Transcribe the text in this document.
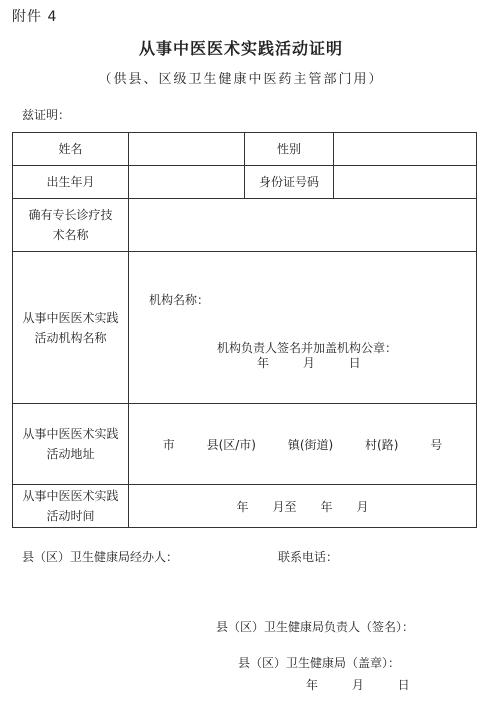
附件 4
从事中医医术实践活动证明
（供县、区级卫生健康中医药主管部门用）
兹证明：
姓名		性别	
出生年月		身份证号码	
确有专长诊疗技术名称			
从事中医医术实践活动机构名称	机构名称：
机构负责人签名并加盖机构公章：
年 月 日		

从事中医医术实践活动地址	市 县(区/市) 镇(街道) 村(路) 号		
从事中医医术实践活动时间	年　　月至　　年　　月		
县（区）卫生健康局经办人：	联系电话：
县（区）卫生健康局负责人（签名）：
县（区）卫生健康局（盖章）：
年 月 日
